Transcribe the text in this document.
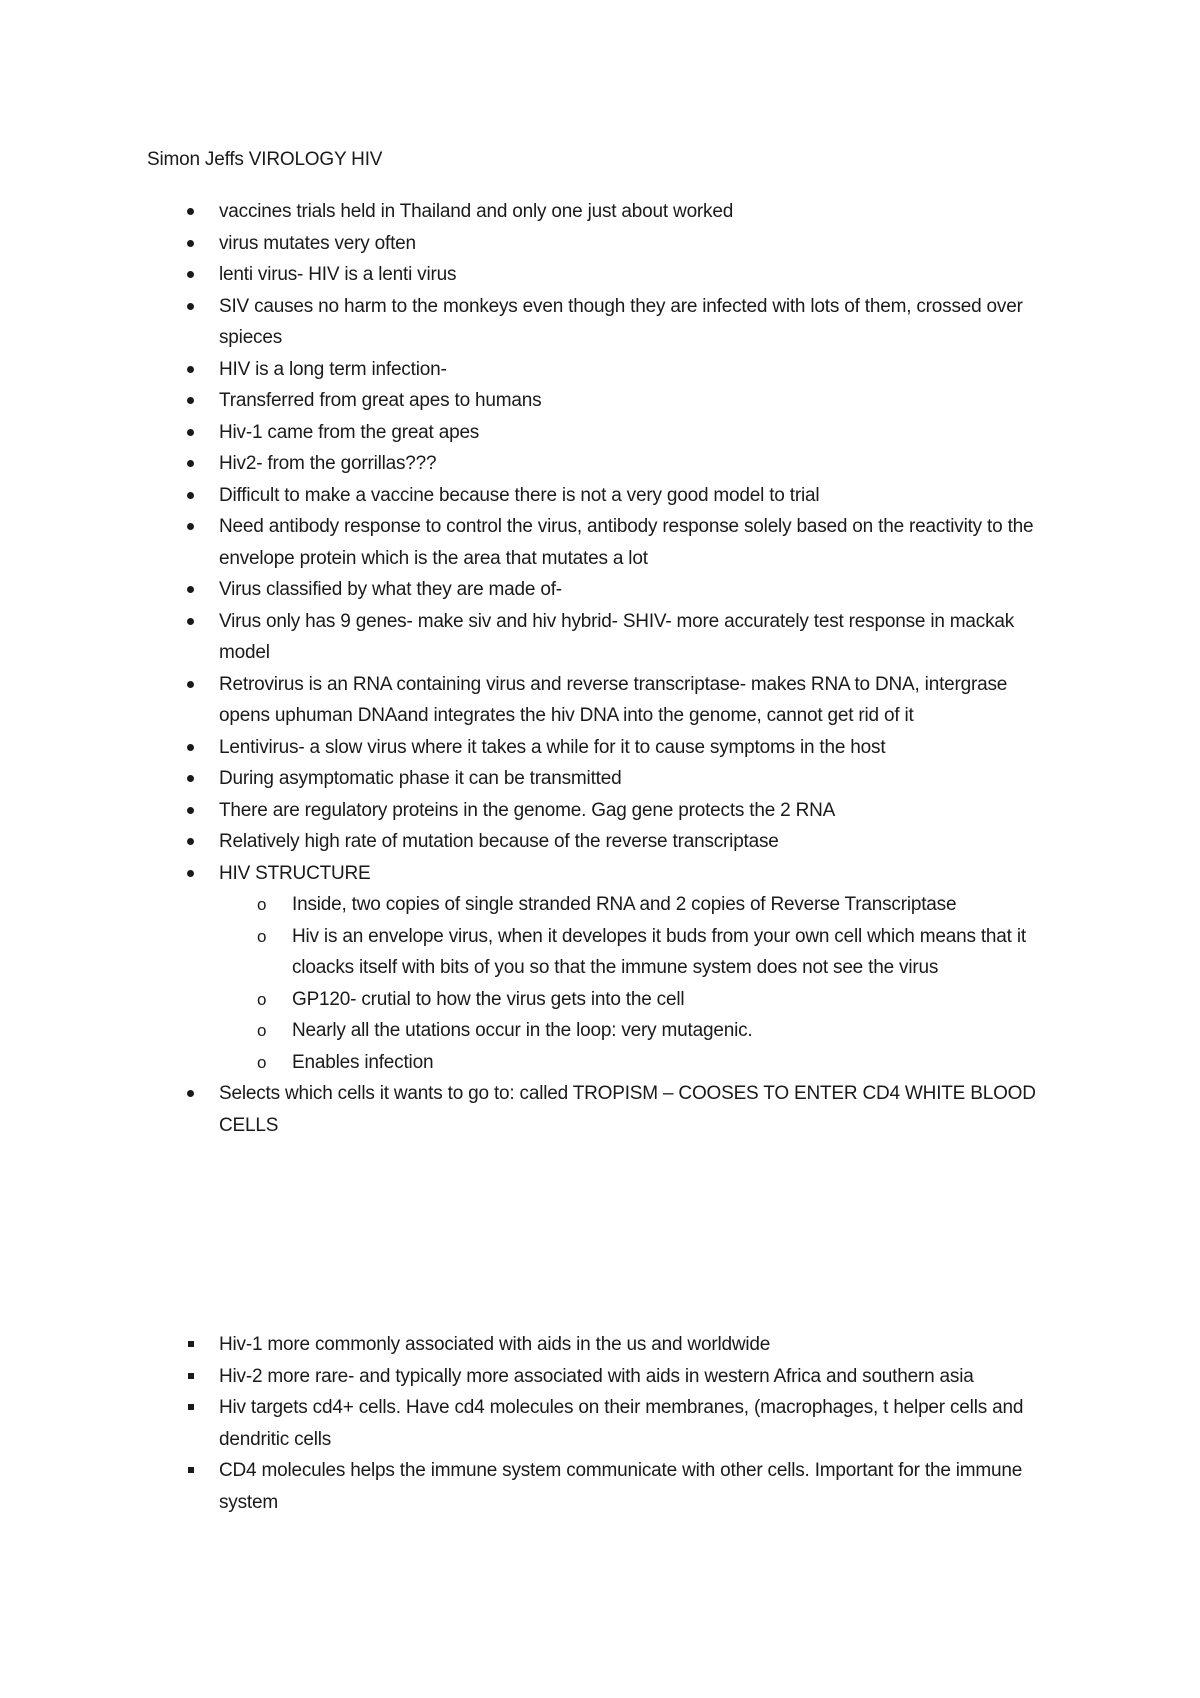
Simon Jeffs VIROLOGY HIV
vaccines trials held in Thailand and only one just about worked
virus mutates very often
lenti virus- HIV is a lenti virus
SIV causes no harm to the monkeys even though they are infected with lots of them, crossed over spieces
HIV is a long term infection-
Transferred from great apes to humans
Hiv-1 came from the great apes
Hiv2- from the gorrillas???
Difficult to make a vaccine because there is not a very good model to trial
Need antibody response to control the virus, antibody response solely based on the reactivity to the envelope protein which is the area that mutates a lot
Virus classified by what they are made of-
Virus only has 9 genes- make siv and hiv hybrid- SHIV- more accurately test response in mackak model
Retrovirus is an RNA containing virus and reverse transcriptase- makes RNA to DNA, intergrase opens uphuman DNAand integrates the hiv DNA into the genome, cannot get rid of it
Lentivirus- a slow virus where it takes a while for it to cause symptoms in the host
During asymptomatic phase it can be transmitted
There are regulatory proteins in the genome. Gag gene protects the 2 RNA
Relatively high rate of mutation because of the reverse transcriptase
HIV STRUCTURE
o Inside, two copies of single stranded RNA and 2 copies of Reverse Transcriptase
o Hiv is an envelope virus, when it developes it buds from your own cell which means that it cloacks itself with bits of you so that the immune system does not see the virus
o GP120- crutial to how the virus gets into the cell
o Nearly all the utations occur in the loop: very mutagenic.
o Enables infection
Selects which cells it wants to go to: called TROPISM – COOSES TO ENTER CD4 WHITE BLOOD CELLS
Hiv-1 more commonly associated with aids in the us and worldwide
Hiv-2 more rare- and typically more associated with aids in western Africa and southern asia
Hiv targets cd4+ cells. Have cd4 molecules on their membranes, (macrophages, t helper cells and dendritic cells
CD4 molecules helps the immune system communicate with other cells. Important for the immune system
